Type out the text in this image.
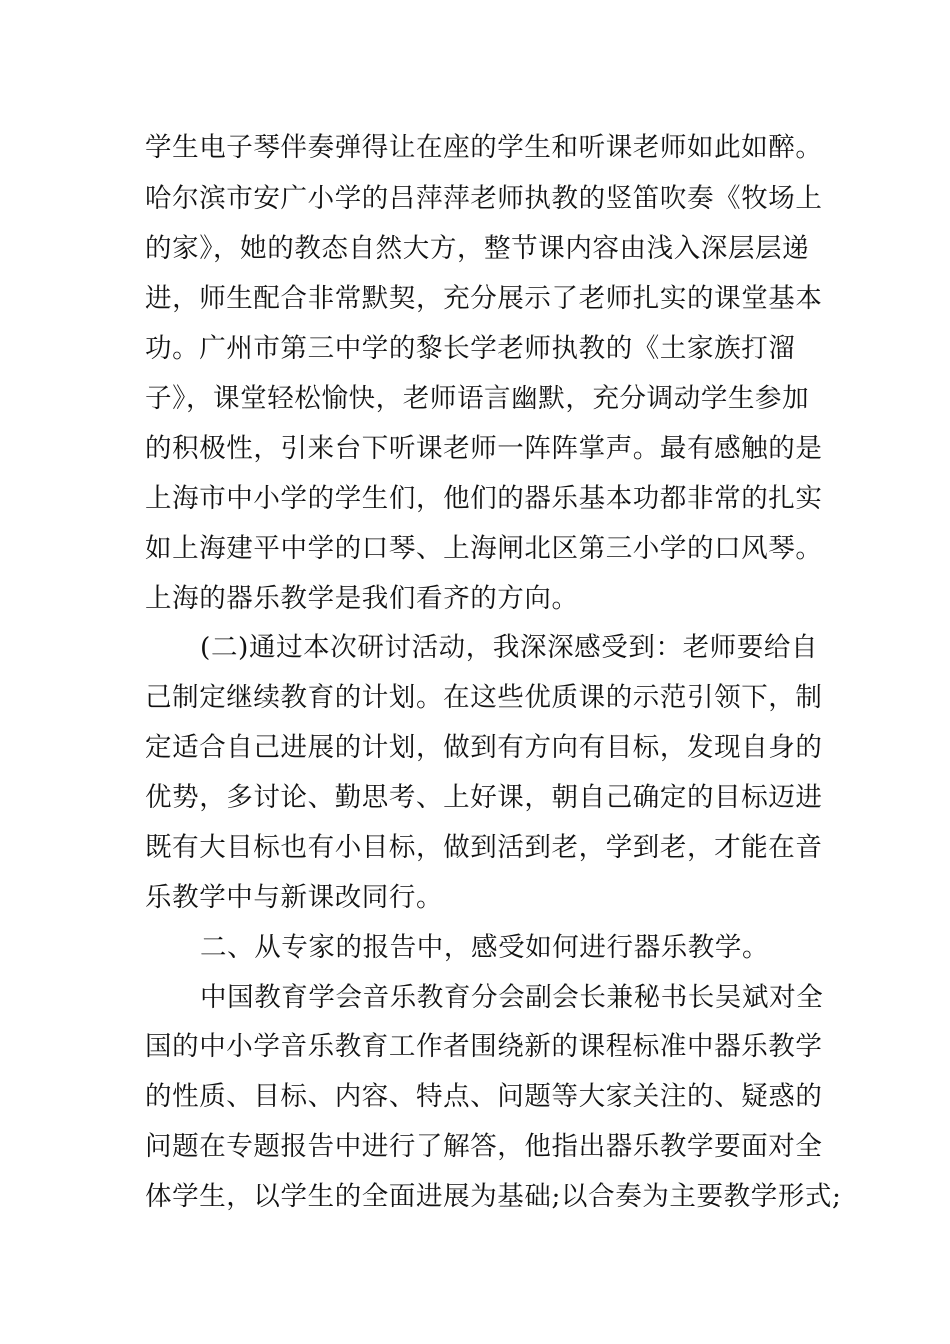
学生电子琴伴奏弹得让在座的学生和听课老师如此如醉。
哈尔滨市安广小学的吕萍萍老师执教的竖笛吹奏《牧场上
的家》，她的教态自然大方，整节课内容由浅入深层层递
进，师生配合非常默契，充分展示了老师扎实的课堂基本
功。广州市第三中学的黎长学老师执教的《土家族打溜
子》，课堂轻松愉快，老师语言幽默，充分调动学生参加
的积极性，引来台下听课老师一阵阵掌声。最有感触的是
上海市中小学的学生们，他们的器乐基本功都非常的扎实
如上海建平中学的口琴、上海闸北区第三小学的口风琴。
上海的器乐教学是我们看齐的方向。
(二)通过本次研讨活动，我深深感受到：老师要给自
己制定继续教育的计划。在这些优质课的示范引领下，制
定适合自己进展的计划，做到有方向有目标，发现自身的
优势，多讨论、勤思考、上好课，朝自己确定的目标迈进
既有大目标也有小目标，做到活到老，学到老，才能在音
乐教学中与新课改同行。
二、从专家的报告中，感受如何进行器乐教学。
中国教育学会音乐教育分会副会长兼秘书长吴斌对全
国的中小学音乐教育工作者围绕新的课程标准中器乐教学
的性质、目标、内容、特点、问题等大家关注的、疑惑的
问题在专题报告中进行了解答，他指出器乐教学要面对全
体学生，以学生的全面进展为基础;以合奏为主要教学形式;
